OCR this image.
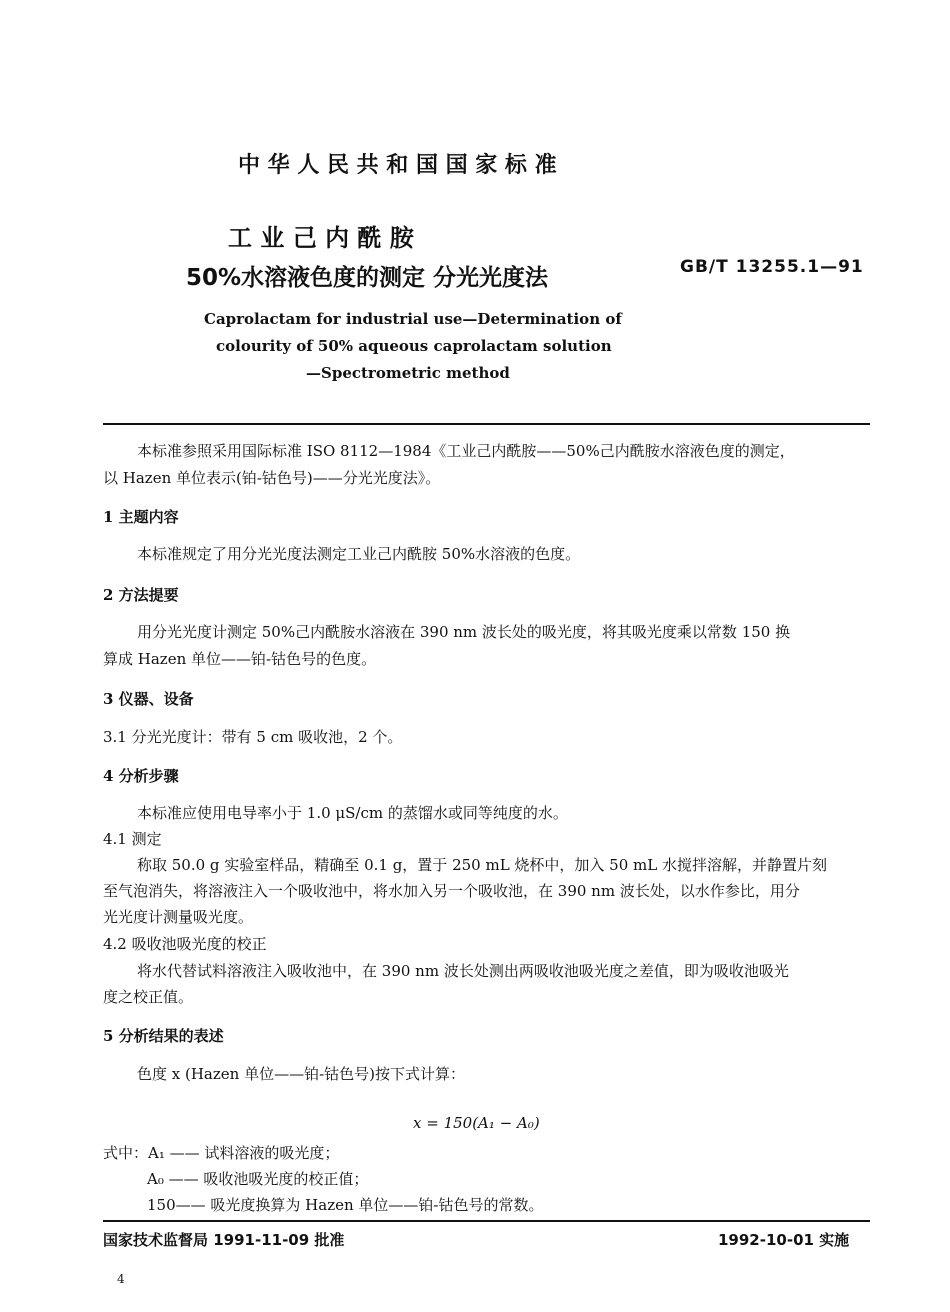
中 华 人 民 共 和 国 国 家 标 准
工 业 己 内 酰 胺
50%水溶液色度的测定 分光光度法	GB/T 13255.1—91
Caprolactam for industrial use—Determination of
colourity of 50% aqueous caprolactam solution
—Spectrometric method
本标准参照采用国际标准 ISO 8112—1984《工业己内酰胺——50%己内酰胺水溶液色度的测定，
以 Hazen 单位表示(铂-钴色号)——分光光度法》。
1 主题内容
本标准规定了用分光光度法测定工业己内酰胺 50%水溶液的色度。
2 方法提要
用分光光度计测定 50%己内酰胺水溶液在 390 nm 波长处的吸光度，将其吸光度乘以常数 150 换
算成 Hazen 单位——铂-钴色号的色度。
3 仪器、设备
3.1 分光光度计：带有 5 cm 吸收池，2 个。
4 分析步骤
本标准应使用电导率小于 1.0 μS/cm 的蒸馏水或同等纯度的水。
4.1 测定
称取 50.0 g 实验室样品，精确至 0.1 g，置于 250 mL 烧杯中，加入 50 mL 水搅拌溶解，并静置片刻
至气泡消失，将溶液注入一个吸收池中，将水加入另一个吸收池，在 390 nm 波长处，以水作参比，用分
光光度计测量吸光度。
4.2 吸收池吸光度的校正
将水代替试料溶液注入吸收池中，在 390 nm 波长处测出两吸收池吸光度之差值，即为吸收池吸光
度之校正值。
5 分析结果的表述
色度 x (Hazen 单位——铂-钴色号)按下式计算：
x = 150(A₁ − A₀)
式中：A₁ —— 试料溶液的吸光度；
A₀ —— 吸收池吸光度的校正值；
150—— 吸光度换算为 Hazen 单位——铂-钴色号的常数。
国家技术监督局 1991-11-09 批准	1992-10-01 实施
4
